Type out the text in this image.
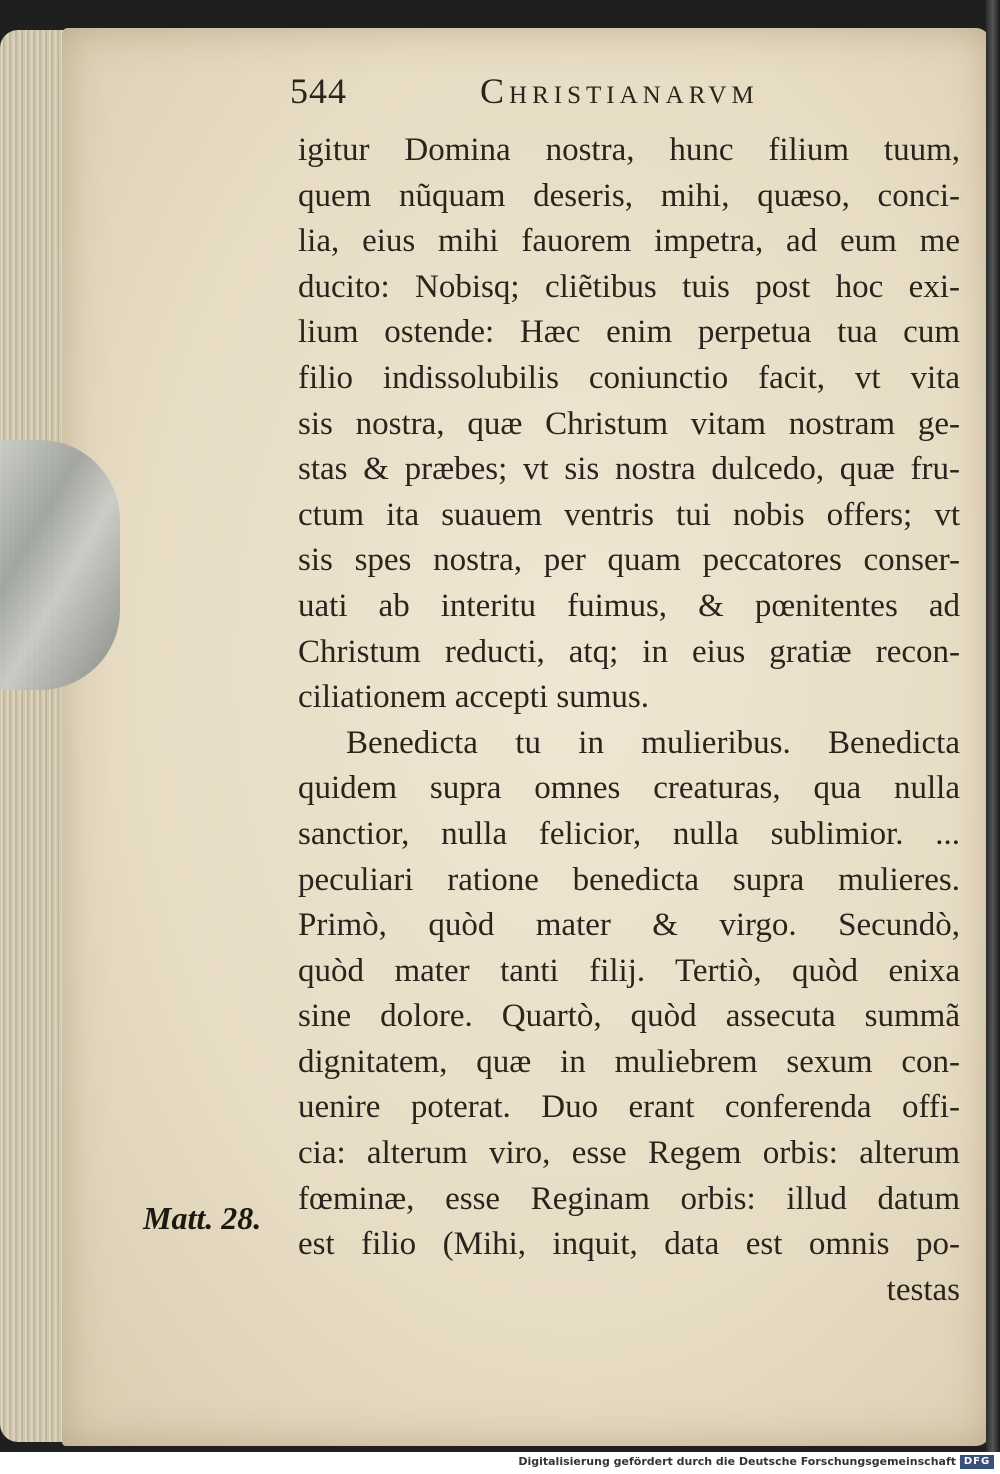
544	Christianarvm
igitur Domina nostra, hunc filium tuum,
quem nũquam deseris, mihi, quæso, conci-
lia, eius mihi fauorem impetra, ad eum me
ducito: Nobisq; cliẽtibus tuis post hoc exi-
lium ostende: Hæc enim perpetua tua cum
filio indissolubilis coniunctio facit, vt vita
sis nostra, quæ Christum vitam nostram ge-
stas & præbes; vt sis nostra dulcedo, quæ fru-
ctum ita suauem ventris tui nobis offers; vt
sis spes nostra, per quam peccatores conser-
uati ab interitu fuimus, & pœnitentes ad
Christum reducti, atq; in eius gratiæ recon-
ciliationem accepti sumus.
Benedicta tu in mulieribus. Benedicta
quidem supra omnes creaturas, qua nulla
sanctior, nulla felicior, nulla sublimior. ...
peculiari ratione benedicta supra mulieres.
Primò, quòd mater & virgo. Secundò,
quòd mater tanti filij. Tertiò, quòd enixa
sine dolore. Quartò, quòd assecuta summã
dignitatem, quæ in muliebrem sexum con-
uenire poterat. Duo erant conferenda offi-
cia: alterum viro, esse Regem orbis: alterum
fœminæ, esse Reginam orbis: illud datum
est filio (Mihi, inquit, data est omnis po-
testas
Matt. 28.
Digitalisierung gefördert durch die Deutsche Forschungsgemeinschaft DFG
